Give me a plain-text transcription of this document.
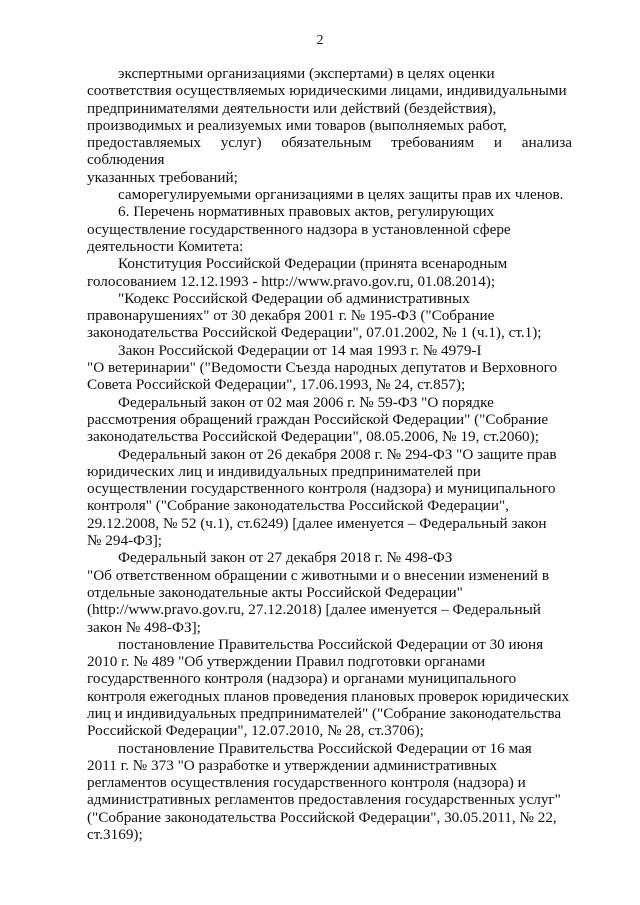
2

экспертными организациями (экспертами) в целях оценки
соответствия осуществляемых юридическими лицами, индивидуальными
предпринимателями деятельности или действий (бездействия),
производимых и реализуемых ими товаров (выполняемых работ,
предоставляемых услуг) обязательным требованиям и анализа соблюдения
указанных требований;

саморегулируемыми организациями в целях защиты прав их членов.

6. Перечень нормативных правовых актов, регулирующих
осуществление государственного надзора в установленной сфере
деятельности Комитета:

Конституция Российской Федерации (принята всенародным
голосованием 12.12.1993 - http://www.pravo.gov.ru, 01.08.2014);

"Кодекс Российской Федерации об административных
правонарушениях" от 30 декабря 2001 г. № 195-ФЗ ("Собрание
законодательства Российской Федерации", 07.01.2002, № 1 (ч.1), ст.1);

Закон Российской Федерации от 14 мая 1993 г. № 4979-I
"О ветеринарии" ("Ведомости Съезда народных депутатов и Верховного
Совета Российской Федерации", 17.06.1993, № 24, ст.857);

Федеральный закон от 02 мая 2006 г. № 59-ФЗ "О порядке
рассмотрения обращений граждан Российской Федерации" ("Собрание
законодательства Российской Федерации", 08.05.2006, № 19, ст.2060);

Федеральный закон от 26 декабря 2008 г. № 294-ФЗ "О защите прав
юридических лиц и индивидуальных предпринимателей при
осуществлении государственного контроля (надзора) и муниципального
контроля" ("Собрание законодательства Российской Федерации",
29.12.2008, № 52 (ч.1), ст.6249) [далее именуется – Федеральный закон
№ 294-ФЗ];

Федеральный закон от 27 декабря 2018 г. № 498-ФЗ
"Об ответственном обращении с животными и о внесении изменений в
отдельные законодательные акты Российской Федерации"
(http://www.pravo.gov.ru, 27.12.2018) [далее именуется – Федеральный
закон № 498-ФЗ];

постановление Правительства Российской Федерации от 30 июня
2010 г. № 489 "Об утверждении Правил подготовки органами
государственного контроля (надзора) и органами муниципального
контроля ежегодных планов проведения плановых проверок юридических
лиц и индивидуальных предпринимателей" ("Собрание законодательства
Российской Федерации", 12.07.2010, № 28, ст.3706);

постановление Правительства Российской Федерации от 16 мая
2011 г. № 373 "О разработке и утверждении административных
регламентов осуществления государственного контроля (надзора) и
административных регламентов предоставления государственных услуг"
("Собрание законодательства Российской Федерации", 30.05.2011, № 22,
ст.3169);
